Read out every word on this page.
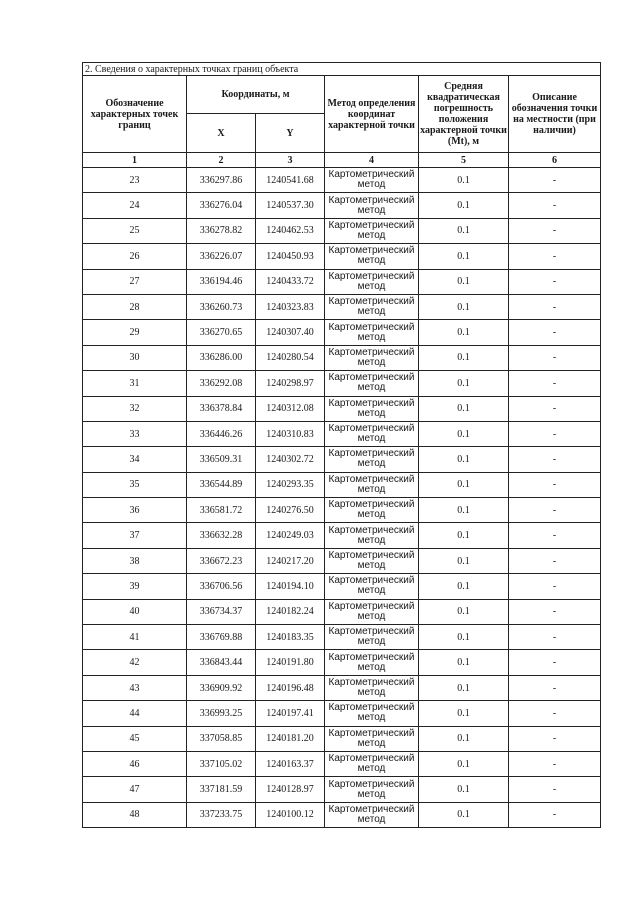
2. Сведения о характерных точках границ объекта					
Обозначение характерных точек границ	Координаты, м		Метод определения координат характерной точки	Средняя квадратическая погрешность положения характерной точки (Mt), м	Описание обозначения точки на местности (при наличии)
	X	Y			
1	2	3	4	5	6
23	336297.86	1240541.68	Картометрический метод	0.1	-
24	336276.04	1240537.30	Картометрический метод	0.1	-
25	336278.82	1240462.53	Картометрический метод	0.1	-
26	336226.07	1240450.93	Картометрический метод	0.1	-
27	336194.46	1240433.72	Картометрический метод	0.1	-
28	336260.73	1240323.83	Картометрический метод	0.1	-
29	336270.65	1240307.40	Картометрический метод	0.1	-
30	336286.00	1240280.54	Картометрический метод	0.1	-
31	336292.08	1240298.97	Картометрический метод	0.1	-
32	336378.84	1240312.08	Картометрический метод	0.1	-
33	336446.26	1240310.83	Картометрический метод	0.1	-
34	336509.31	1240302.72	Картометрический метод	0.1	-
35	336544.89	1240293.35	Картометрический метод	0.1	-
36	336581.72	1240276.50	Картометрический метод	0.1	-
37	336632.28	1240249.03	Картометрический метод	0.1	-
38	336672.23	1240217.20	Картометрический метод	0.1	-
39	336706.56	1240194.10	Картометрический метод	0.1	-
40	336734.37	1240182.24	Картометрический метод	0.1	-
41	336769.88	1240183.35	Картометрический метод	0.1	-
42	336843.44	1240191.80	Картометрический метод	0.1	-
43	336909.92	1240196.48	Картометрический метод	0.1	-
44	336993.25	1240197.41	Картометрический метод	0.1	-
45	337058.85	1240181.20	Картометрический метод	0.1	-
46	337105.02	1240163.37	Картометрический метод	0.1	-
47	337181.59	1240128.97	Картометрический метод	0.1	-
48	337233.75	1240100.12	Картометрический метод	0.1	-
